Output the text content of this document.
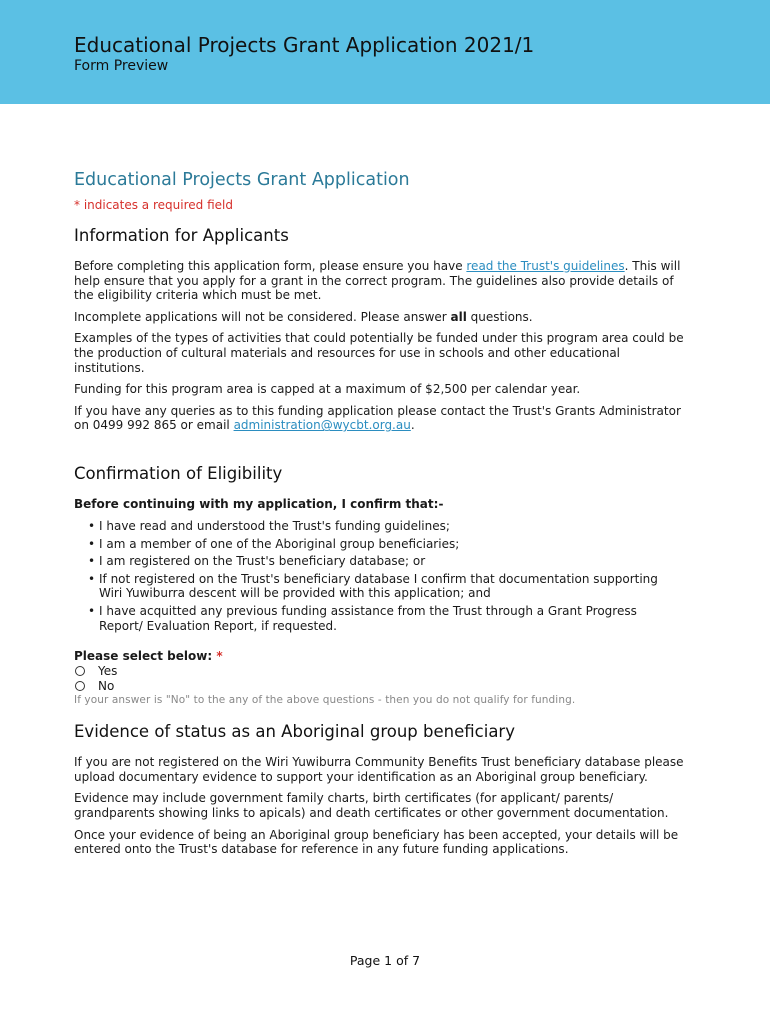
Educational Projects Grant Application 2021/1
Form Preview
Educational Projects Grant Application
* indicates a required field
Information for Applicants

Before completing this application form, please ensure you have read the Trust's guidelines. This will help ensure that you apply for a grant in the correct program. The guidelines also provide details of the eligibility criteria which must be met.

Incomplete applications will not be considered. Please answer all questions.

Examples of the types of activities that could potentially be funded under this program area could be the production of cultural materials and resources for use in schools and other educational institutions.

Funding for this program area is capped at a maximum of $2,500 per calendar year.

If you have any queries as to this funding application please contact the Trust's Grants Administrator on 0499 992 865 or email administration@wycbt.org.au.

Confirmation of Eligibility
Before continuing with my application, I confirm that:-
• I have read and understood the Trust's funding guidelines;
• I am a member of one of the Aboriginal group beneficiaries;
• I am registered on the Trust's beneficiary database; or
• If not registered on the Trust's beneficiary database I confirm that documentation supporting Wiri Yuwiburra descent will be provided with this application; and
• I have acquitted any previous funding assistance from the Trust through a Grant Progress Report/ Evaluation Report, if requested.
Please select below: *
Yes
No
If your answer is "No" to the any of the above questions - then you do not qualify for funding.
Evidence of status as an Aboriginal group beneficiary

If you are not registered on the Wiri Yuwiburra Community Benefits Trust beneficiary database please upload documentary evidence to support your identification as an Aboriginal group beneficiary.

Evidence may include government family charts, birth certificates (for applicant/ parents/ grandparents showing links to apicals) and death certificates or other government documentation.

Once your evidence of being an Aboriginal group beneficiary has been accepted, your details will be entered onto the Trust's database for reference in any future funding applications.

Page 1 of 7
